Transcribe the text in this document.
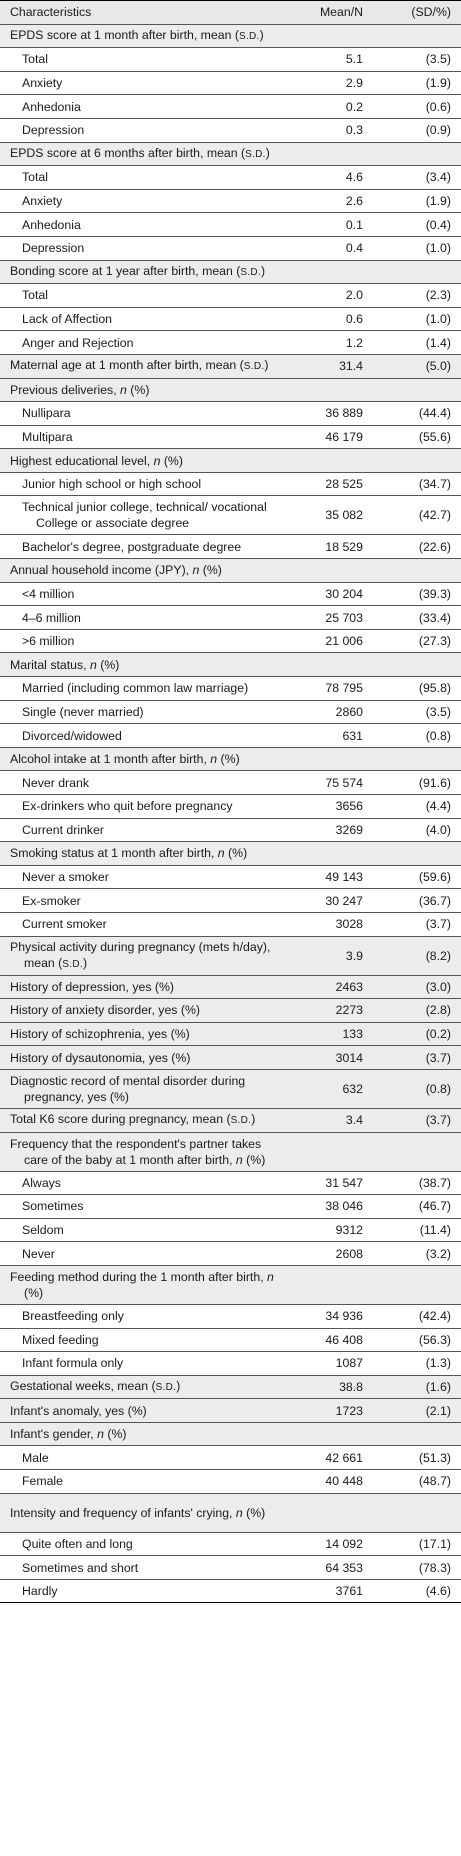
Characteristics	Mean/N	(SD/%)
EPDS score at 1 month after birth, mean (S.D.)		
Total	5.1	(3.5)
Anxiety	2.9	(1.9)
Anhedonia	0.2	(0.6)
Depression	0.3	(0.9)
EPDS score at 6 months after birth, mean (S.D.)		
Total	4.6	(3.4)
Anxiety	2.6	(1.9)
Anhedonia	0.1	(0.4)
Depression	0.4	(1.0)
Bonding score at 1 year after birth, mean (S.D.)		
Total	2.0	(2.3)
Lack of Affection	0.6	(1.0)
Anger and Rejection	1.2	(1.4)
Maternal age at 1 month after birth, mean (S.D.)	31.4	(5.0)
Previous deliveries, n (%)		
Nullipara	36 889	(44.4)
Multipara	46 179	(55.6)
Highest educational level, n (%)		
Junior high school or high school	28 525	(34.7)

Technical junior college, technical/ vocational College or associate degree	35 082	(42.7)
Bachelor's degree, postgraduate degree	18 529	(22.6)
Annual household income (JPY), n (%)		
<4 million	30 204	(39.3)
4–6 million	25 703	(33.4)
>6 million	21 006	(27.3)
Marital status, n (%)		
Married (including common law marriage)	78 795	(95.8)
Single (never married)	2860	(3.5)
Divorced/widowed	631	(0.8)
Alcohol intake at 1 month after birth, n (%)		
Never drank	75 574	(91.6)
Ex-drinkers who quit before pregnancy	3656	(4.4)
Current drinker	3269	(4.0)
Smoking status at 1 month after birth, n (%)		
Never a smoker	49 143	(59.6)
Ex-smoker	30 247	(36.7)
Current smoker	3028	(3.7)

Physical activity during pregnancy (mets h/day), mean (S.D.)	3.9	(8.2)
History of depression, yes (%)	2463	(3.0)
History of anxiety disorder, yes (%)	2273	(2.8)
History of schizophrenia, yes (%)	133	(0.2)
History of dysautonomia, yes (%)	3014	(3.7)

Diagnostic record of mental disorder during pregnancy, yes (%)	632	(0.8)
Total K6 score during pregnancy, mean (S.D.)	3.4	(3.7)

Frequency that the respondent's partner takes care of the baby at 1 month after birth, n (%)		

Always	31 547	(38.7)
Sometimes	38 046	(46.7)
Seldom	9312	(11.4)
Never	2608	(3.2)

Feeding method during the 1 month after birth, n (%)		

Breastfeeding only	34 936	(42.4)
Mixed feeding	46 408	(56.3)
Infant formula only	1087	(1.3)
Gestational weeks, mean (S.D.)	38.8	(1.6)
Infant's anomaly, yes (%)	1723	(2.1)
Infant's gender, n (%)		
Male	42 661	(51.3)
Female	40 448	(48.7)

Intensity and frequency of infants' crying, n (%)		

Quite often and long	14 092	(17.1)
Sometimes and short	64 353	(78.3)
Hardly	3761	(4.6)
